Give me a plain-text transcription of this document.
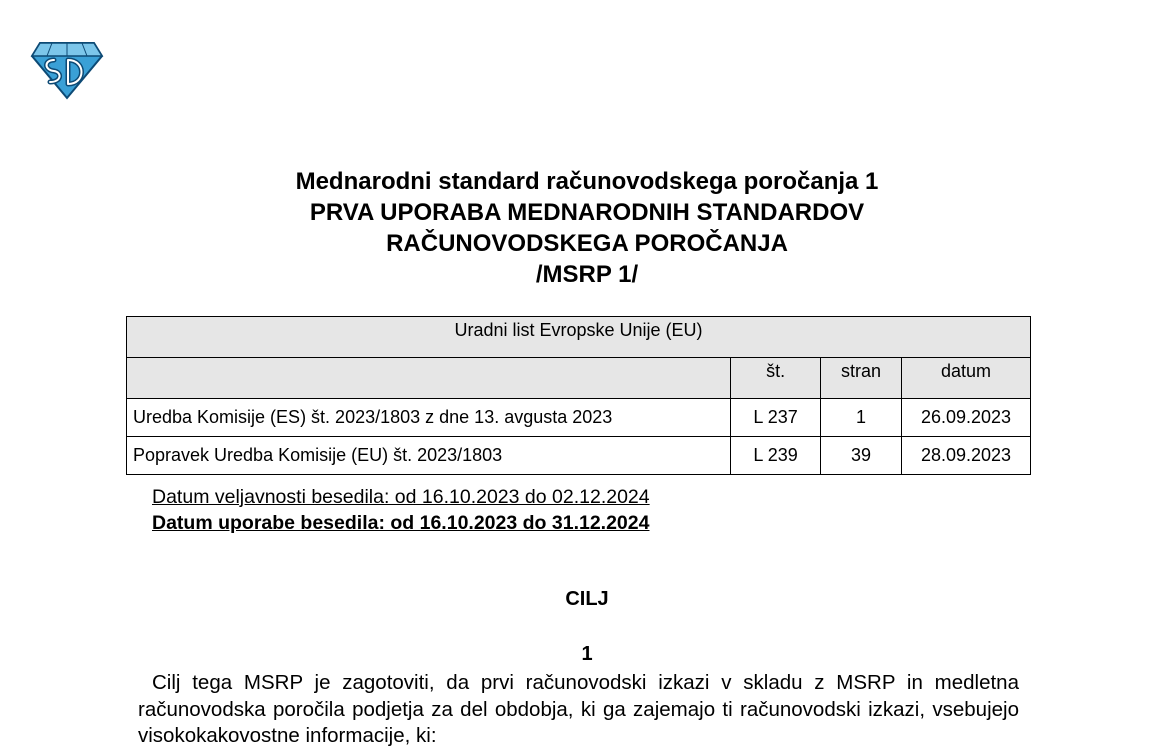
Mednarodni standard računovodskega poročanja 1
PRVA UPORABA MEDNARODNIH STANDARDOV
RAČUNOVODSKEGA POROČANJA
/MSRP 1/
Uradni list Evropske Unije (EU)			
	št.	stran	datum
Uredba Komisije (ES) št. 2023/1803 z dne 13. avgusta 2023	L 237	1	26.09.2023
Popravek Uredba Komisije (EU) št. 2023/1803	L 239	39	28.09.2023
Datum veljavnosti besedila: od 16.10.2023 do 02.12.2024
Datum uporabe besedila: od 16.10.2023 do 31.12.2024
CILJ
1

Cilj tega MSRP je zagotoviti, da prvi računovodski izkazi v skladu z MSRP in medletna računovodska poročila podjetja za del obdobja, ki ga zajemajo ti računovodski izkazi, vsebujejo visokokakovostne informacije, ki:
